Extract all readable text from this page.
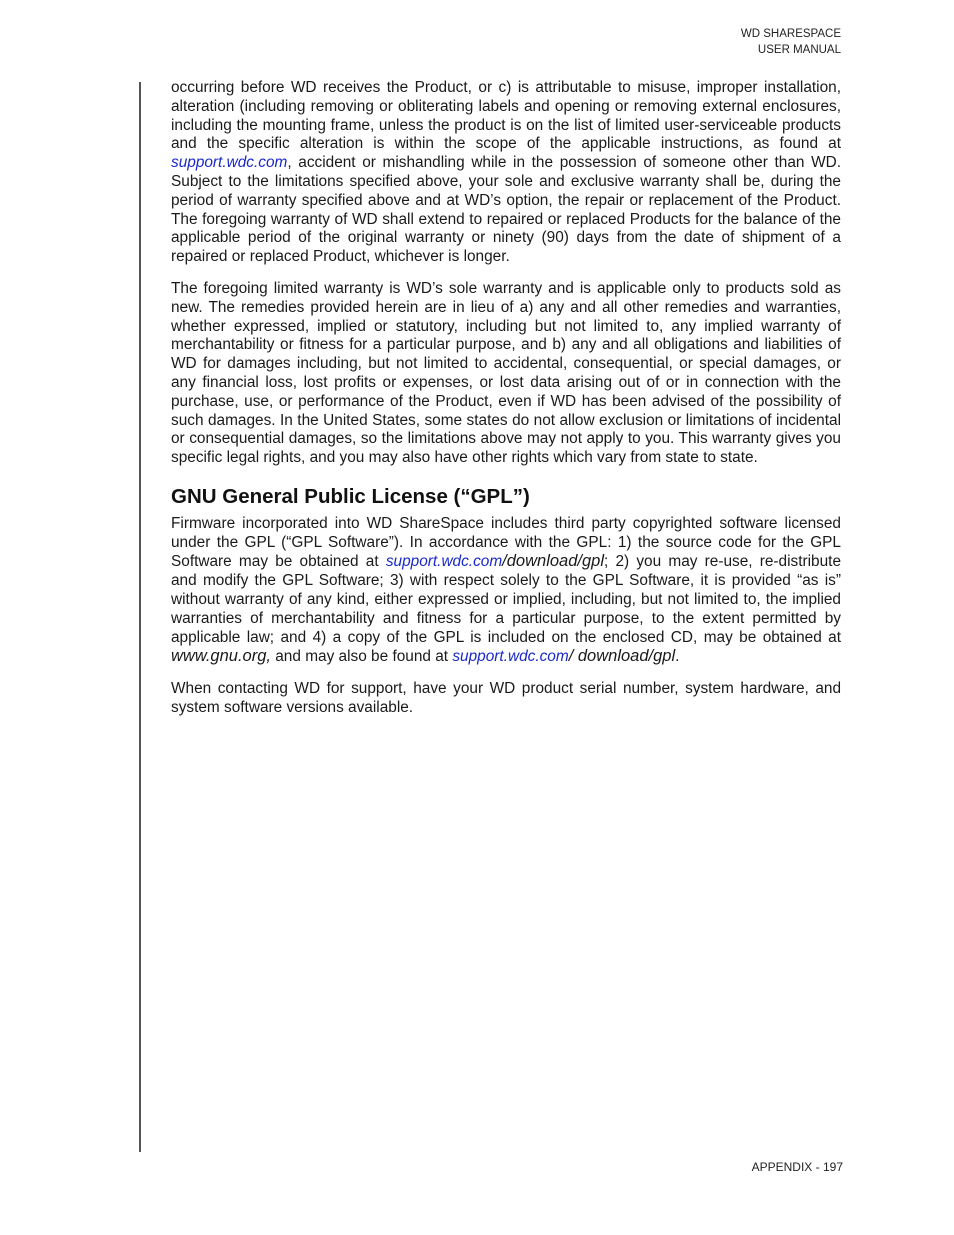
WD SHARESPACE
USER MANUAL

occurring before WD receives the Product, or c) is attributable to misuse, improper installation, alteration (including removing or obliterating labels and opening or removing external enclosures, including the mounting frame, unless the product is on the list of limited user-serviceable products and the specific alteration is within the scope of the applicable instructions, as found at support.wdc.com, accident or mishandling while in the possession of someone other than WD. Subject to the limitations specified above, your sole and exclusive warranty shall be, during the period of warranty specified above and at WD’s option, the repair or replacement of the Product. The foregoing warranty of WD shall extend to repaired or replaced Products for the balance of the applicable period of the original warranty or ninety (90) days from the date of shipment of a repaired or replaced Product, whichever is longer.

The foregoing limited warranty is WD’s sole warranty and is applicable only to products sold as new. The remedies provided herein are in lieu of a) any and all other remedies and warranties, whether expressed, implied or statutory, including but not limited to, any implied warranty of merchantability or fitness for a particular purpose, and b) any and all obligations and liabilities of WD for damages including, but not limited to accidental, consequential, or special damages, or any financial loss, lost profits or expenses, or lost data arising out of or in connection with the purchase, use, or performance of the Product, even if WD has been advised of the possibility of such damages. In the United States, some states do not allow exclusion or limitations of incidental or consequential damages, so the limitations above may not apply to you. This warranty gives you specific legal rights, and you may also have other rights which vary from state to state.

GNU General Public License (“GPL”)

Firmware incorporated into WD ShareSpace includes third party copyrighted software licensed under the GPL (“GPL Software”). In accordance with the GPL: 1) the source code for the GPL Software may be obtained at support.wdc.com/download/gpl; 2) you may re-use, re-distribute and modify the GPL Software; 3) with respect solely to the GPL Software, it is provided “as is” without warranty of any kind, either expressed or implied, including, but not limited to, the implied warranties of merchantability and fitness for a particular purpose, to the extent permitted by applicable law; and 4) a copy of the GPL is included on the enclosed CD, may be obtained at www.gnu.org, and may also be found at support.wdc.com/ download/gpl.

When contacting WD for support, have your WD product serial number, system hardware, and system software versions available.

APPENDIX - 197
